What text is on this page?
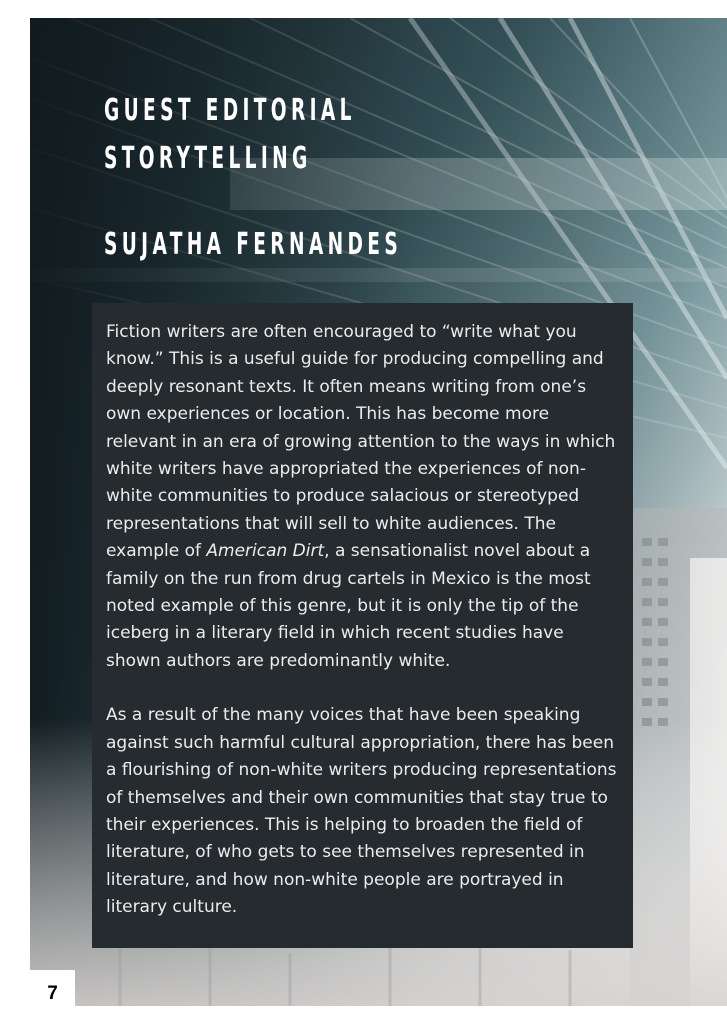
GUEST EDITORIAL
STORYTELLING
SUJATHA FERNANDES

Fiction writers are often encouraged to “write what you know.” This is a useful guide for producing compelling and deeply resonant texts. It often means writing from one’s own experiences or location. This has become more relevant in an era of growing attention to the ways in which white writers have appropriated the experiences of non-white communities to produce salacious or stereotyped representations that will sell to white audiences. The example of American Dirt, a sensationalist novel about a family on the run from drug cartels in Mexico is the most noted example of this genre, but it is only the tip of the iceberg in a literary field in which recent studies have shown authors are predominantly white.

As a result of the many voices that have been speaking against such harmful cultural appropriation, there has been a flourishing of non-white writers producing representations of themselves and their own communities that stay true to their experiences. This is helping to broaden the field of literature, of who gets to see themselves represented in literature, and how non-white people are portrayed in literary culture.

7
